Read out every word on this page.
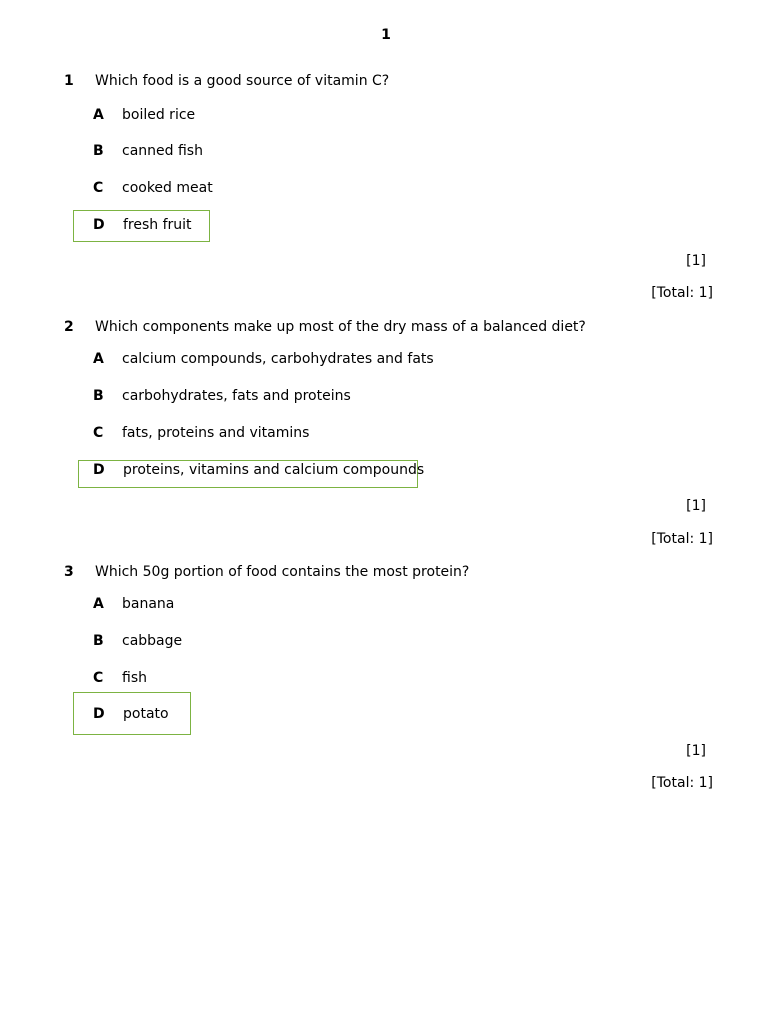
1
1 Which food is a good source of vitamin C?
A boiled rice
B canned fish
C cooked meat
D fresh fruit
[1]
[Total: 1]
2 Which components make up most of the dry mass of a balanced diet?
A calcium compounds, carbohydrates and fats
B carbohydrates, fats and proteins
C fats, proteins and vitamins
D proteins, vitamins and calcium compounds
[1]
[Total: 1]
3 Which 50g portion of food contains the most protein?
A banana
B cabbage
C fish
D potato
[1]
[Total: 1]
